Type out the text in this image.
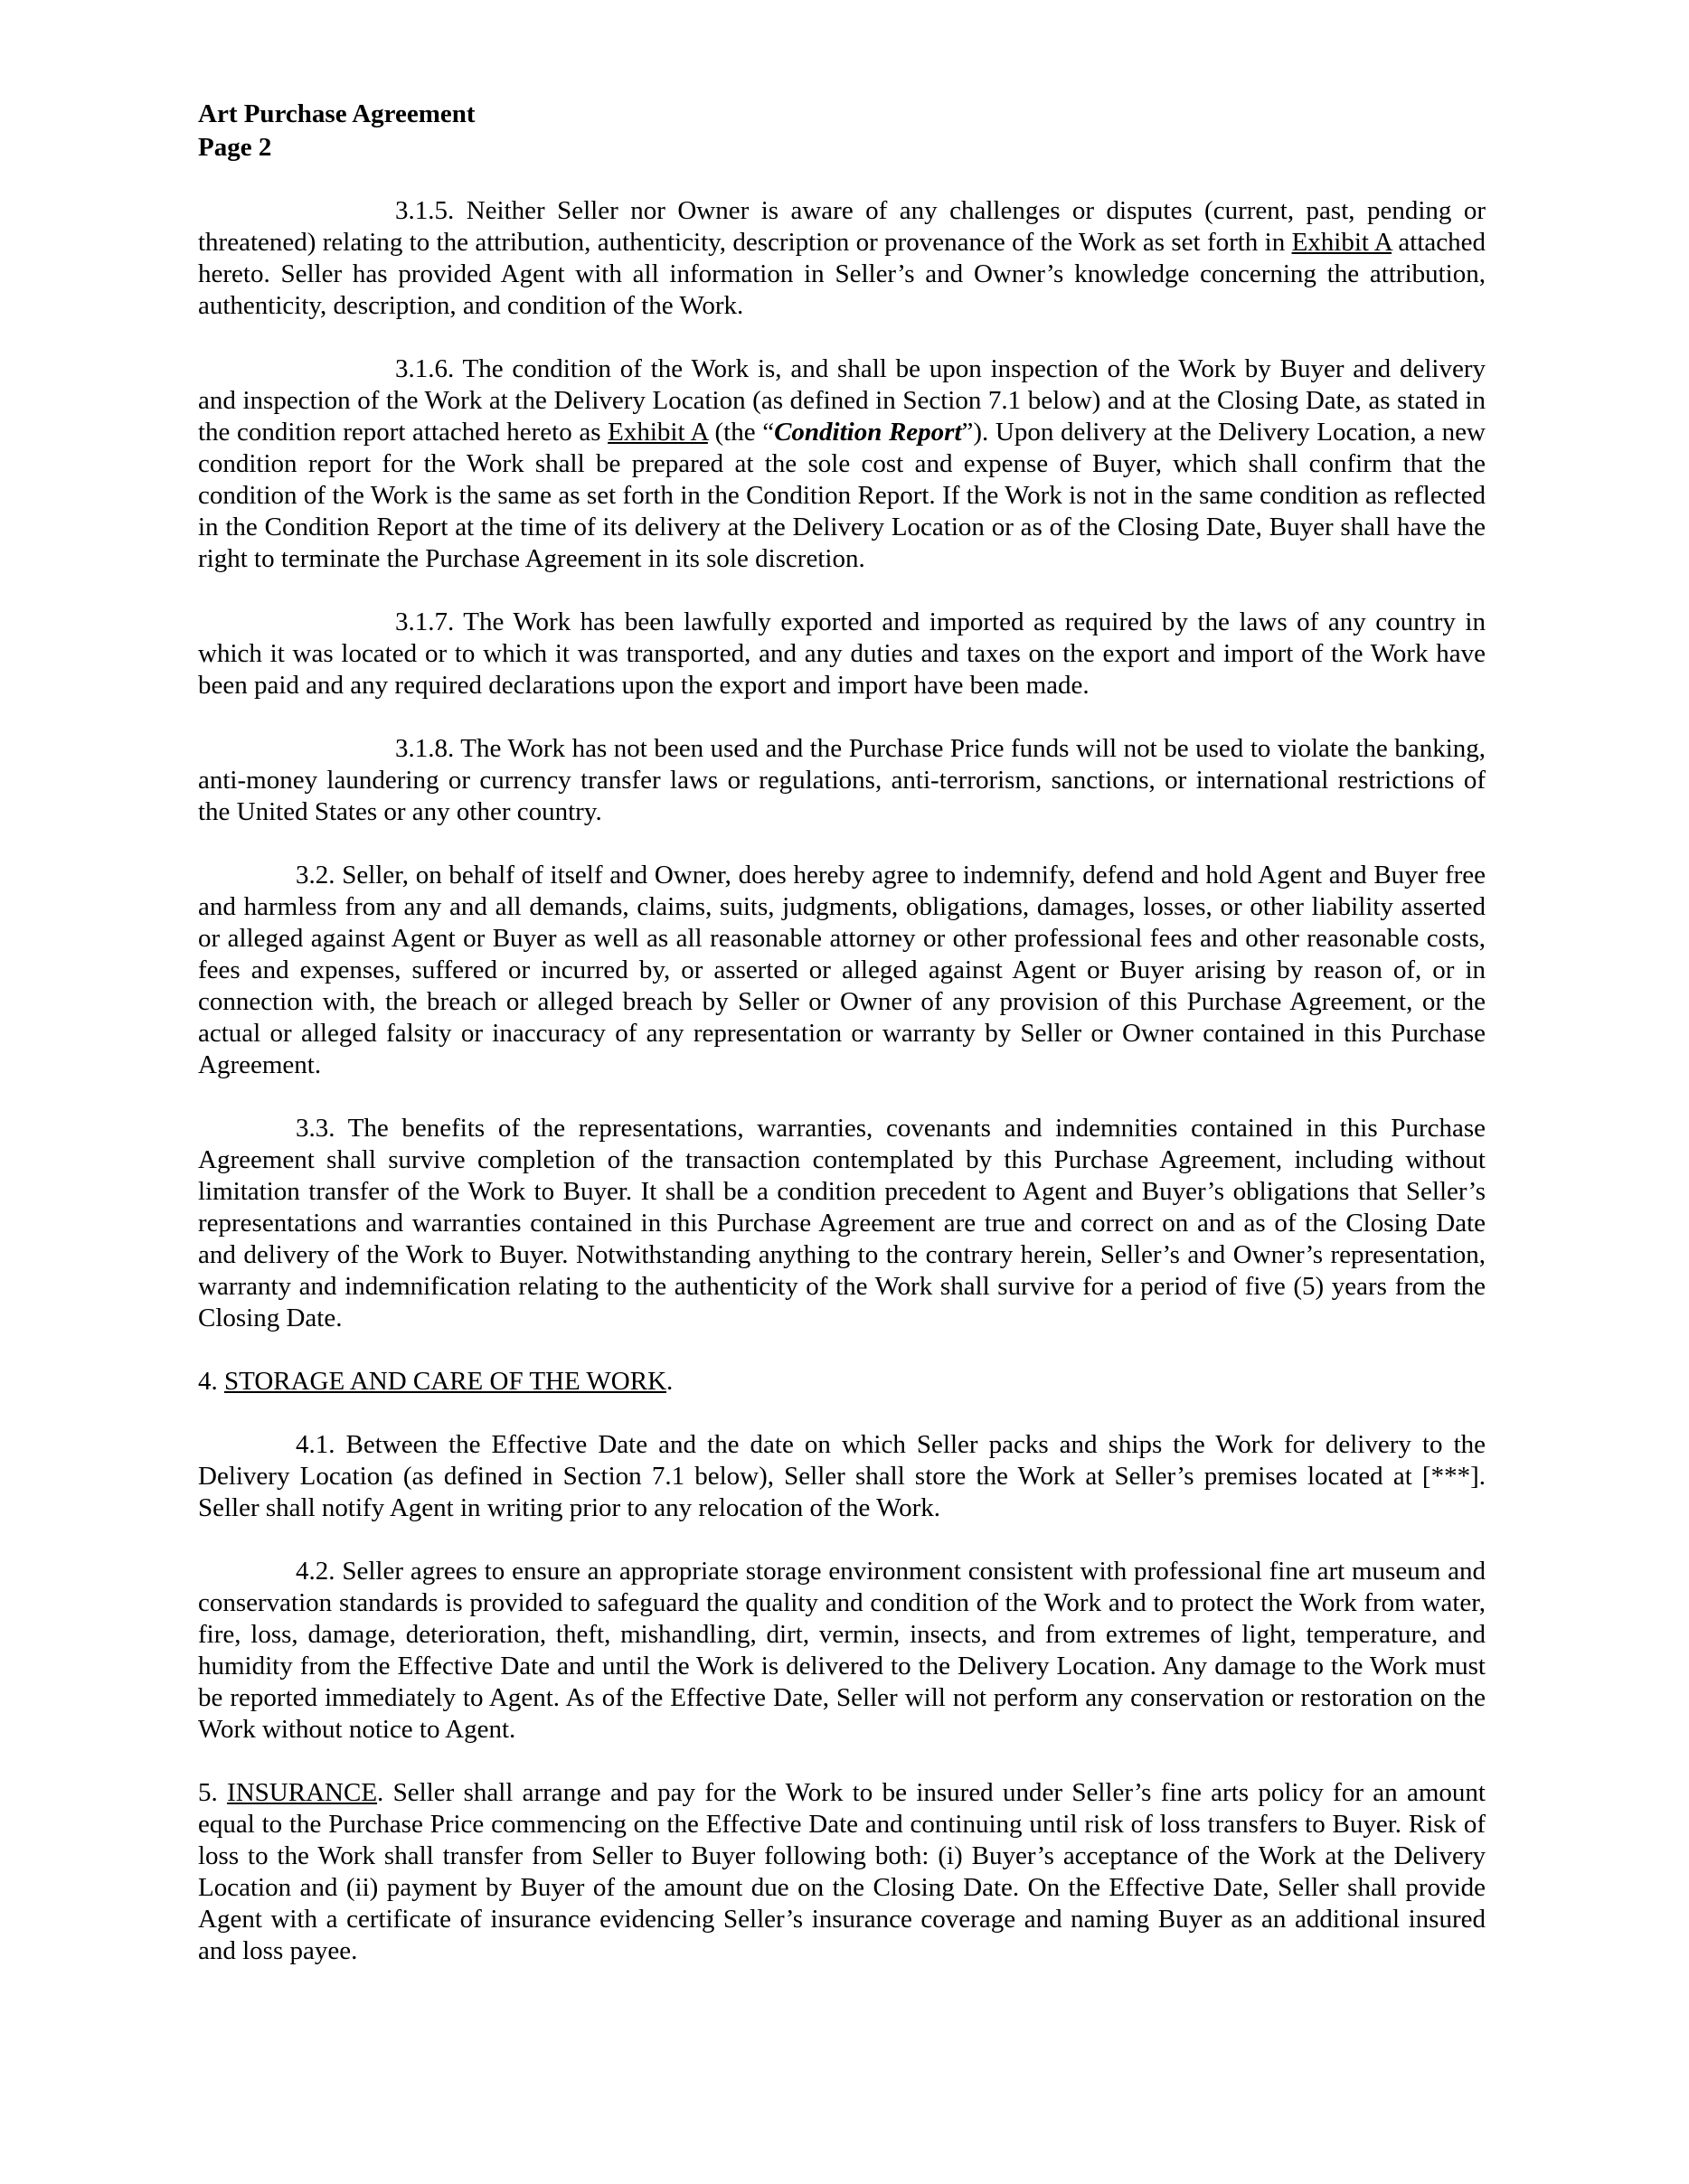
Art Purchase Agreement

Page 2

3.1.5. Neither Seller nor Owner is aware of any challenges or disputes (current, past, pending or threatened) relating to the attribution, authenticity, description or provenance of the Work as set forth in Exhibit A attached hereto. Seller has provided Agent with all information in Seller’s and Owner’s knowledge concerning the attribution, authenticity, description, and condition of the Work.

3.1.6. The condition of the Work is, and shall be upon inspection of the Work by Buyer and delivery and inspection of the Work at the Delivery Location (as defined in Section 7.1 below) and at the Closing Date, as stated in the condition report attached hereto as Exhibit A (the “Condition Report”). Upon delivery at the Delivery Location, a new condition report for the Work shall be prepared at the sole cost and expense of Buyer, which shall confirm that the condition of the Work is the same as set forth in the Condition Report. If the Work is not in the same condition as reflected in the Condition Report at the time of its delivery at the Delivery Location or as of the Closing Date, Buyer shall have the right to terminate the Purchase Agreement in its sole discretion.

3.1.7. The Work has been lawfully exported and imported as required by the laws of any country in which it was located or to which it was transported, and any duties and taxes on the export and import of the Work have been paid and any required declarations upon the export and import have been made.

3.1.8. The Work has not been used and the Purchase Price funds will not be used to violate the banking, anti-money laundering or currency transfer laws or regulations, anti-terrorism, sanctions, or international restrictions of the United States or any other country.

3.2. Seller, on behalf of itself and Owner, does hereby agree to indemnify, defend and hold Agent and Buyer free and harmless from any and all demands, claims, suits, judgments, obligations, damages, losses, or other liability asserted or alleged against Agent or Buyer as well as all reasonable attorney or other professional fees and other reasonable costs, fees and expenses, suffered or incurred by, or asserted or alleged against Agent or Buyer arising by reason of, or in connection with, the breach or alleged breach by Seller or Owner of any provision of this Purchase Agreement, or the actual or alleged falsity or inaccuracy of any representation or warranty by Seller or Owner contained in this Purchase Agreement.

3.3. The benefits of the representations, warranties, covenants and indemnities contained in this Purchase Agreement shall survive completion of the transaction contemplated by this Purchase Agreement, including without limitation transfer of the Work to Buyer. It shall be a condition precedent to Agent and Buyer’s obligations that Seller’s representations and warranties contained in this Purchase Agreement are true and correct on and as of the Closing Date and delivery of the Work to Buyer. Notwithstanding anything to the contrary herein, Seller’s and Owner’s representation, warranty and indemnification relating to the authenticity of the Work shall survive for a period of five (5) years from the Closing Date.

4. STORAGE AND CARE OF THE WORK.

4.1. Between the Effective Date and the date on which Seller packs and ships the Work for delivery to the Delivery Location (as defined in Section 7.1 below), Seller shall store the Work at Seller’s premises located at [***]. Seller shall notify Agent in writing prior to any relocation of the Work.

4.2. Seller agrees to ensure an appropriate storage environment consistent with professional fine art museum and conservation standards is provided to safeguard the quality and condition of the Work and to protect the Work from water, fire, loss, damage, deterioration, theft, mishandling, dirt, vermin, insects, and from extremes of light, temperature, and humidity from the Effective Date and until the Work is delivered to the Delivery Location. Any damage to the Work must be reported immediately to Agent. As of the Effective Date, Seller will not perform any conservation or restoration on the Work without notice to Agent.

5. INSURANCE. Seller shall arrange and pay for the Work to be insured under Seller’s fine arts policy for an amount equal to the Purchase Price commencing on the Effective Date and continuing until risk of loss transfers to Buyer. Risk of loss to the Work shall transfer from Seller to Buyer following both: (i) Buyer’s acceptance of the Work at the Delivery Location and (ii) payment by Buyer of the amount due on the Closing Date. On the Effective Date, Seller shall provide Agent with a certificate of insurance evidencing Seller’s insurance coverage and naming Buyer as an additional insured and loss payee.
